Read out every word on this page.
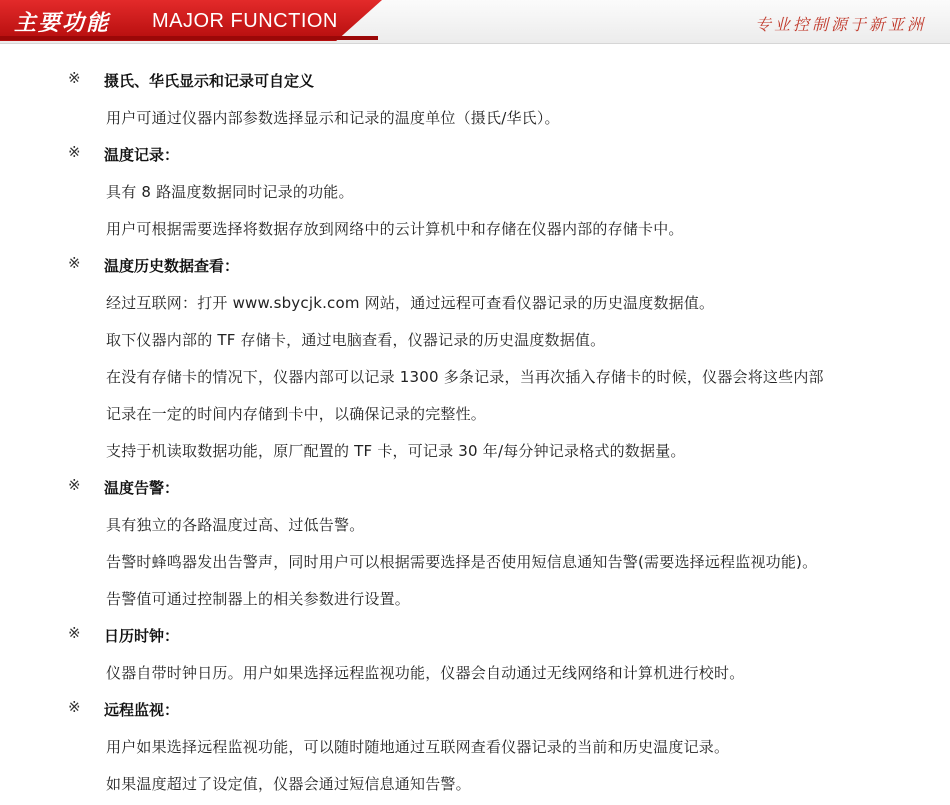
主要功能 MAJOR FUNCTION	专业控制源于新亚洲
※ 摄氏、华氏显示和记录可自定义
用户可通过仪器内部参数选择显示和记录的温度单位（摄氏/华氏）。
※ 温度记录：
具有 8 路温度数据同时记录的功能。
用户可根据需要选择将数据存放到网络中的云计算机中和存储在仪器内部的存储卡中。
※ 温度历史数据查看：
经过互联网：打开 www.sbycjk.com 网站，通过远程可查看仪器记录的历史温度数据值。
取下仪器内部的 TF 存储卡，通过电脑查看，仪器记录的历史温度数据值。
在没有存储卡的情况下，仪器内部可以记录 1300 多条记录，当再次插入存储卡的时候，仪器会将这些内部
记录在一定的时间内存储到卡中，以确保记录的完整性。
支持于机读取数据功能，原厂配置的 TF 卡，可记录 30 年/每分钟记录格式的数据量。
※ 温度告警：
具有独立的各路温度过高、过低告警。
告警时蜂鸣器发出告警声，同时用户可以根据需要选择是否使用短信息通知告警(需要选择远程监视功能)。
告警值可通过控制器上的相关参数进行设置。
※ 日历时钟：
仪器自带时钟日历。用户如果选择远程监视功能，仪器会自动通过无线网络和计算机进行校时。
※ 远程监视：
用户如果选择远程监视功能，可以随时随地通过互联网查看仪器记录的当前和历史温度记录。
如果温度超过了设定值，仪器会通过短信息通知告警。
